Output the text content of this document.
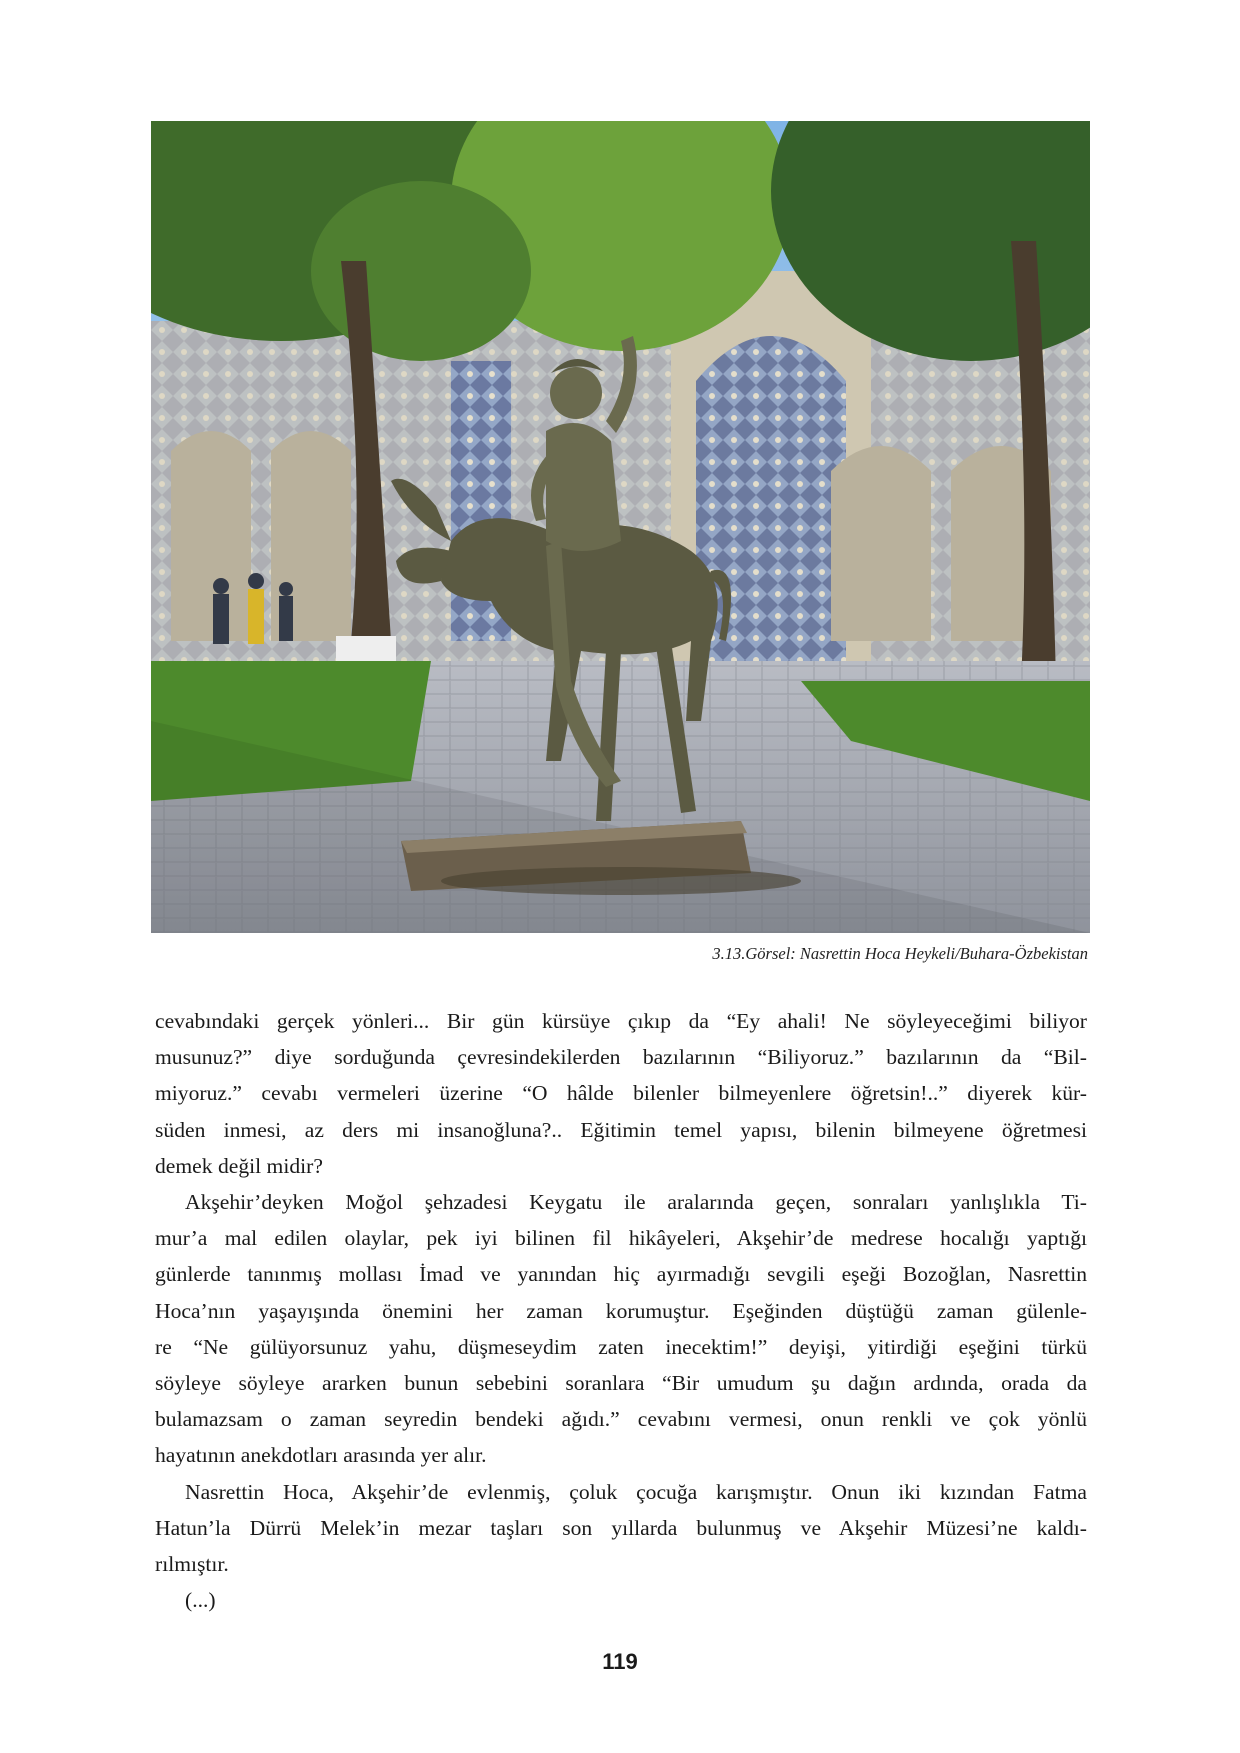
3.13.Görsel: Nasrettin Hoca Heykeli/Buhara-Özbekistan

cevabındaki gerçek yönleri... Bir gün kürsüye çıkıp da “Ey ahali! Ne söyleyeceğimi biliyor
musunuz?” diye sorduğunda çevresindekilerden bazılarının “Biliyoruz.” bazılarının da “Bil-
miyoruz.” cevabı vermeleri üzerine “O hâlde bilenler bilmeyenlere öğretsin!..” diyerek kür-
süden inmesi, az ders mi insanoğluna?.. Eğitimin temel yapısı, bilenin bilmeyene öğretmesi
demek değil midir?

Akşehir’deyken Moğol şehzadesi Keygatu ile aralarında geçen, sonraları yanlışlıkla Ti-
mur’a mal edilen olaylar, pek iyi bilinen fil hikâyeleri, Akşehir’de medrese hocalığı yaptığı
günlerde tanınmış mollası İmad ve yanından hiç ayırmadığı sevgili eşeği Bozoğlan, Nasrettin
Hoca’nın yaşayışında önemini her zaman korumuştur. Eşeğinden düştüğü zaman gülenle-
re “Ne gülüyorsunuz yahu, düşmeseydim zaten inecektim!” deyişi, yitirdiği eşeğini türkü
söyleye söyleye ararken bunun sebebini soranlara “Bir umudum şu dağın ardında, orada da
bulamazsam o zaman seyredin bendeki ağıdı.” cevabını vermesi, onun renkli ve çok yönlü
hayatının anekdotları arasında yer alır.

Nasrettin Hoca, Akşehir’de evlenmiş, çoluk çocuğa karışmıştır. Onun iki kızından Fatma
Hatun’la Dürrü Melek’in mezar taşları son yıllarda bulunmuş ve Akşehir Müzesi’ne kaldı-
rılmıştır.

(...)

119
